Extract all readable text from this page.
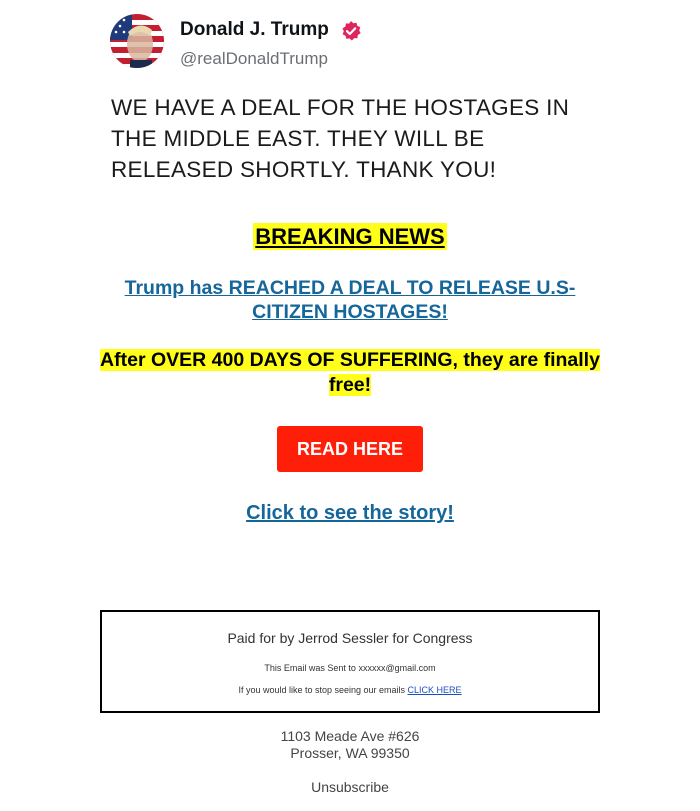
Donald J. Trump
@realDonaldTrump
WE HAVE A DEAL FOR THE HOSTAGES IN THE MIDDLE EAST. THEY WILL BE RELEASED SHORTLY. THANK YOU!
BREAKING NEWS
Trump has REACHED A DEAL TO RELEASE U.S-CITIZEN HOSTAGES!
After OVER 400 DAYS OF SUFFERING, they are finally free!
READ HERE
Click to see the story!
Paid for by Jerrod Sessler for Congress
This Email was Sent to xxxxxx@gmail.com
If you would like to stop seeing our emails CLICK HERE
1103 Meade Ave #626
Prosser, WA 99350
Unsubscribe
